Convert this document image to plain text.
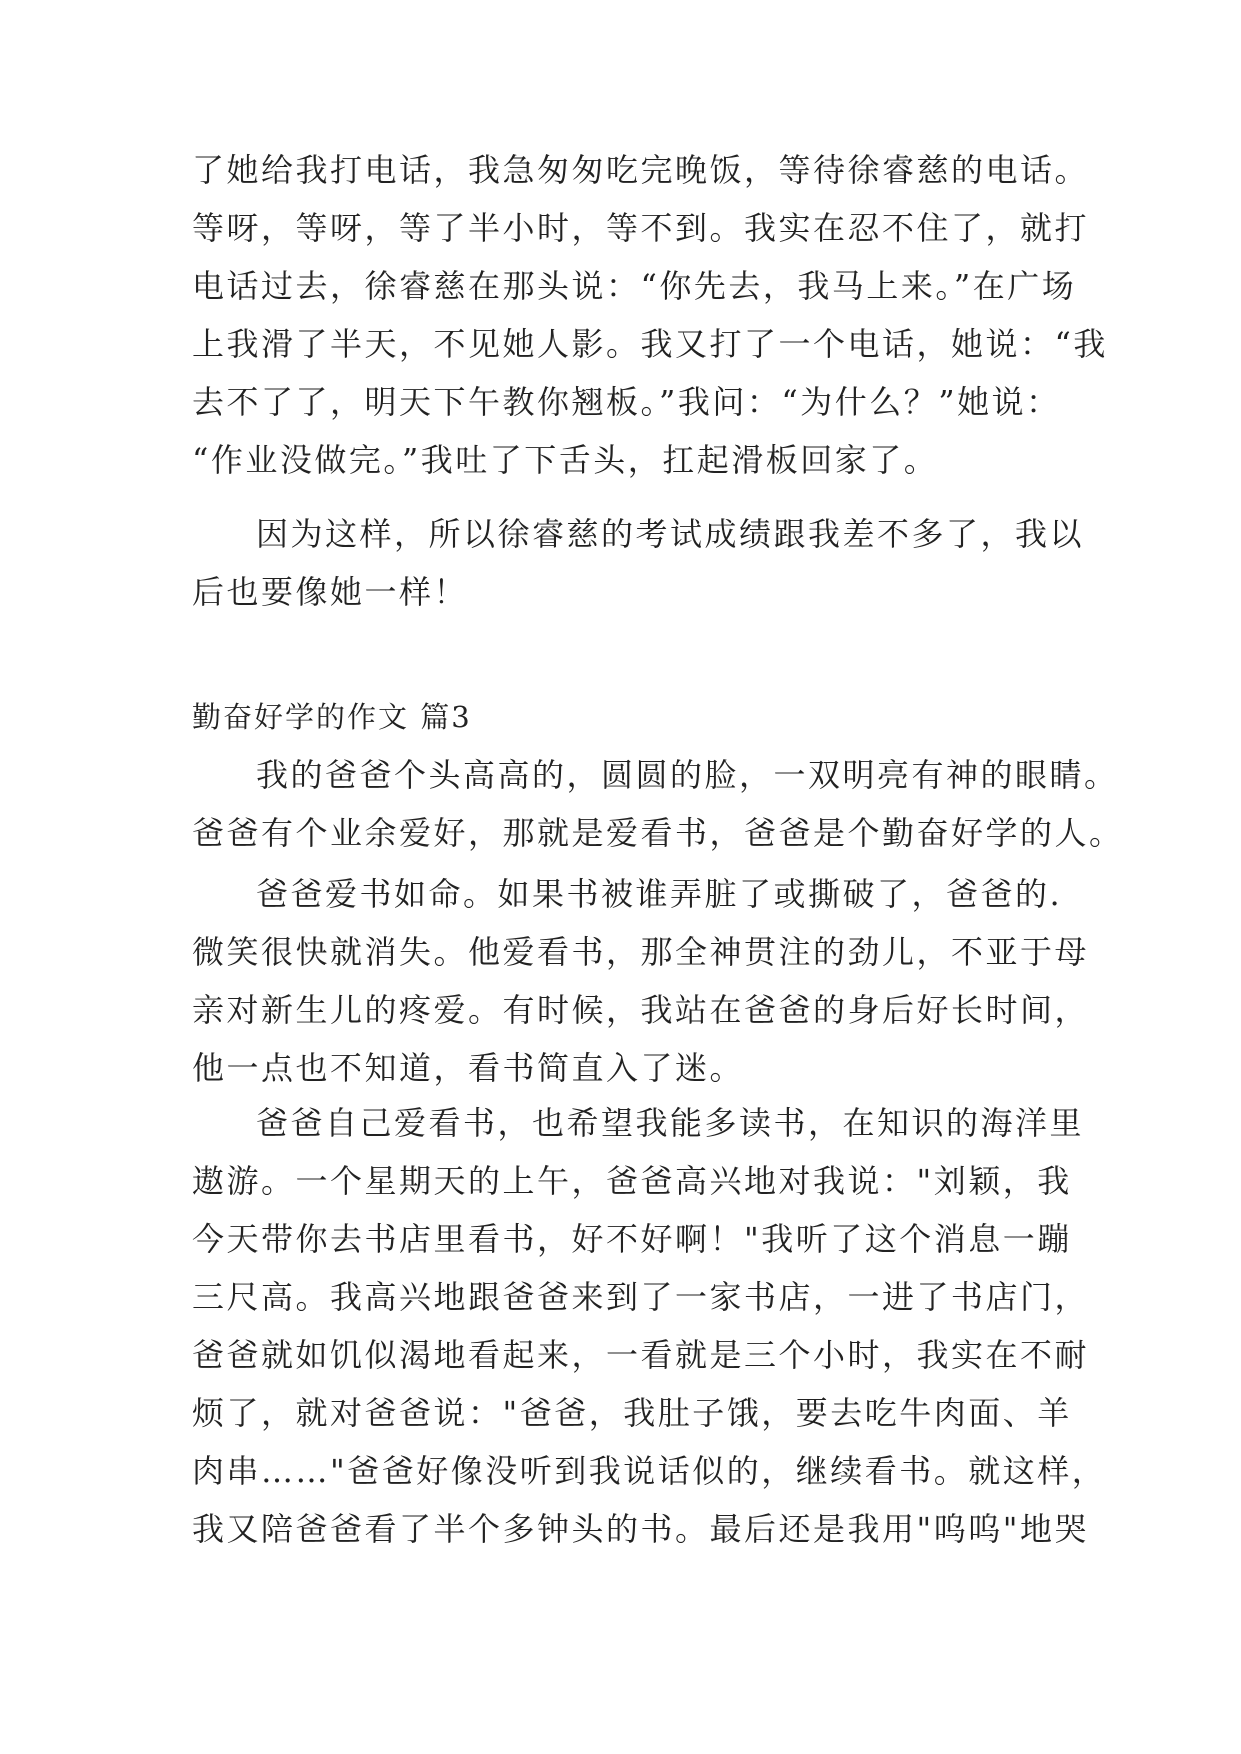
了她给我打电话，我急匆匆吃完晚饭，等待徐睿慈的电话。
等呀，等呀，等了半小时，等不到。我实在忍不住了，就打
电话过去，徐睿慈在那头说：“你先去，我马上来。”在广场
上我滑了半天，不见她人影。我又打了一个电话，她说：“我
去不了了，明天下午教你翘板。”我问：“为什么？”她说：
“作业没做完。”我吐了下舌头，扛起滑板回家了。
因为这样，所以徐睿慈的考试成绩跟我差不多了，我以
后也要像她一样！
勤奋好学的作文 篇3
我的爸爸个头高高的，圆圆的脸，一双明亮有神的眼睛。
爸爸有个业余爱好，那就是爱看书，爸爸是个勤奋好学的人。
爸爸爱书如命。如果书被谁弄脏了或撕破了，爸爸的.
微笑很快就消失。他爱看书，那全神贯注的劲儿，不亚于母
亲对新生儿的疼爱。有时候，我站在爸爸的身后好长时间，
他一点也不知道，看书简直入了迷。
爸爸自己爱看书，也希望我能多读书，在知识的海洋里
遨游。一个星期天的上午，爸爸高兴地对我说："刘颖，我
今天带你去书店里看书，好不好啊！"我听了这个消息一蹦
三尺高。我高兴地跟爸爸来到了一家书店，一进了书店门，
爸爸就如饥似渴地看起来，一看就是三个小时，我实在不耐
烦了，就对爸爸说："爸爸，我肚子饿，要去吃牛肉面、羊
肉串……"爸爸好像没听到我说话似的，继续看书。就这样，
我又陪爸爸看了半个多钟头的书。最后还是我用"呜呜"地哭
